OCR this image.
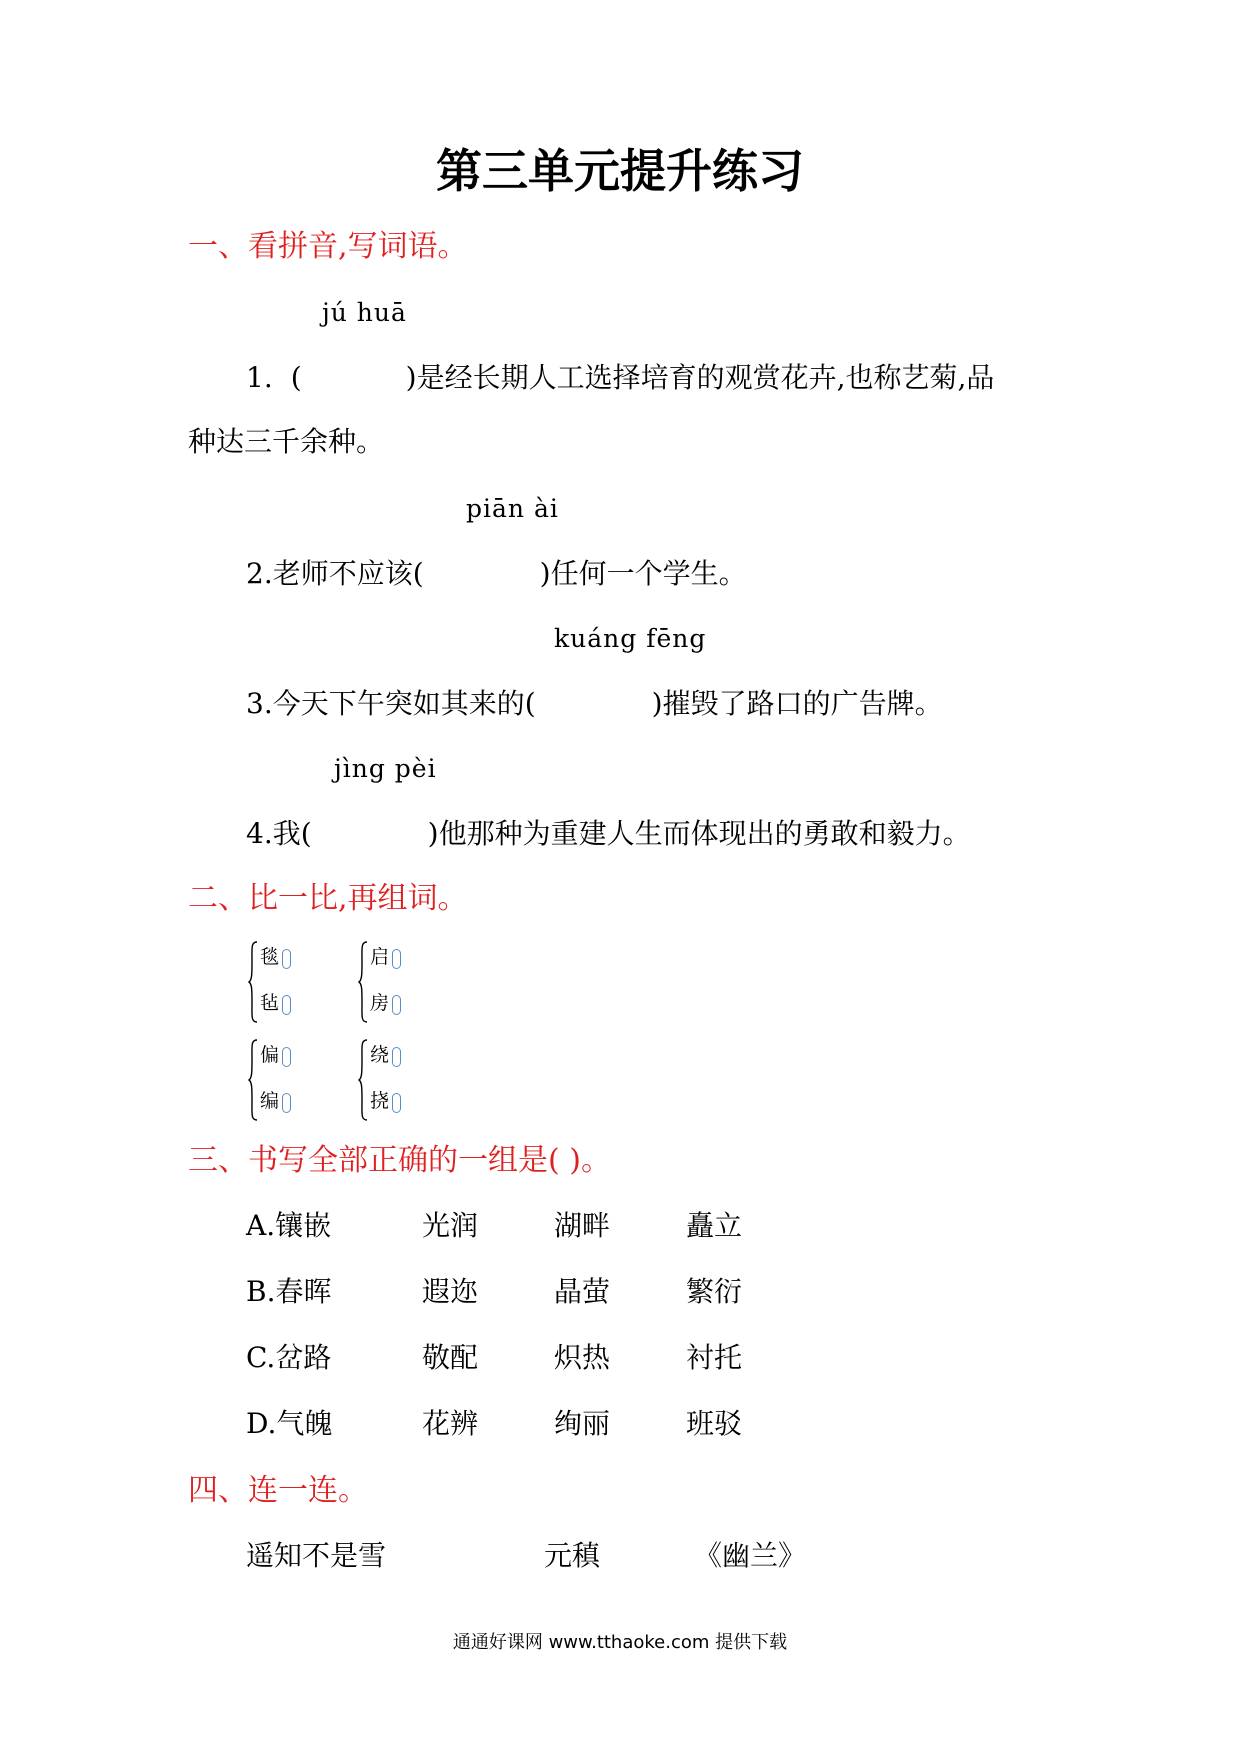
第三单元提升练习
一、看拼音,写词语。
jú huā
1. (	)是经长期人工选择培育的观赏花卉,也称艺菊,品
种达三千余种。
piān ài
2.老师不应该(	)任何一个学生。
kuáng fēng
3.今天下午突如其来的(	)摧毁了路口的广告牌。
jìng pèi
4.我(	)他那种为重建人生而体现出的勇敢和毅力。
二、比一比,再组词。
毯
毡
启
房
偏
编
绕
挠
三、书写全部正确的一组是( )。
A.镶嵌	光润	湖畔	矗立
B.春晖	遐迩	晶萤	繁衍
C.岔路	敬配	炽热	衬托
D.气魄	花辨	绚丽	班驳
四、连一连。
遥知不是雪	元稹	《幽兰》
通通好课网 www.tthaoke.com 提供下载
